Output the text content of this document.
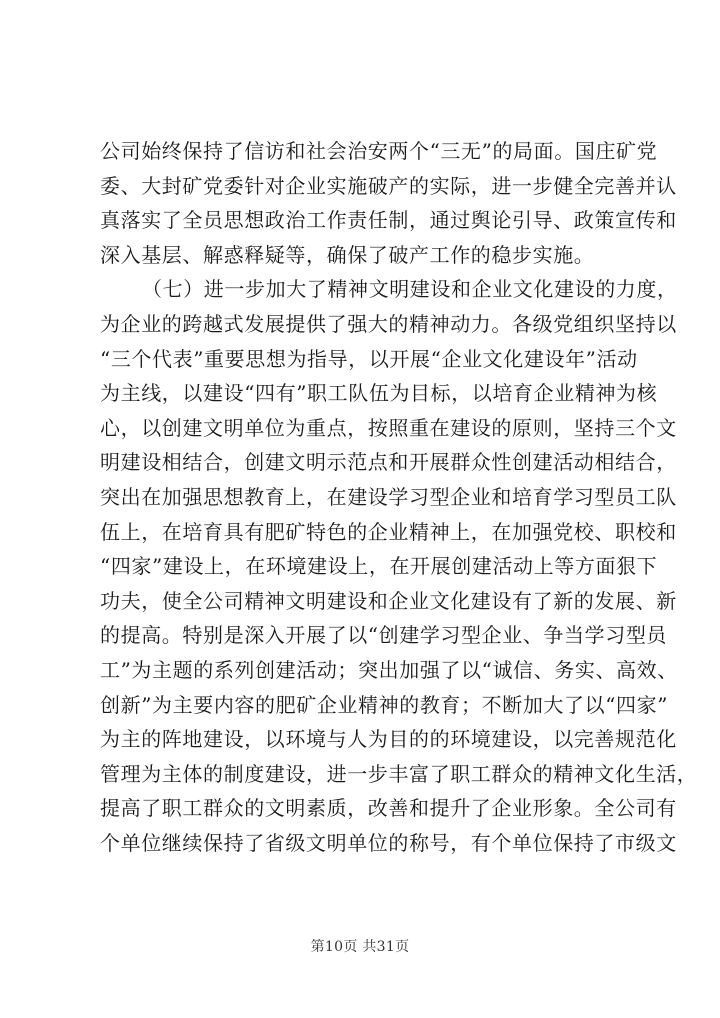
公司始终保持了信访和社会治安两个“三无”的局面。国庄矿党
委、大封矿党委针对企业实施破产的实际，进一步健全完善并认
真落实了全员思想政治工作责任制，通过舆论引导、政策宣传和
深入基层、解惑释疑等，确保了破产工作的稳步实施。
（七）进一步加大了精神文明建设和企业文化建设的力度，
为企业的跨越式发展提供了强大的精神动力。各级党组织坚持以
“三个代表”重要思想为指导，以开展“企业文化建设年”活动
为主线，以建设“四有”职工队伍为目标，以培育企业精神为核
心，以创建文明单位为重点，按照重在建设的原则，坚持三个文
明建设相结合，创建文明示范点和开展群众性创建活动相结合，
突出在加强思想教育上，在建设学习型企业和培育学习型员工队
伍上，在培育具有肥矿特色的企业精神上，在加强党校、职校和
“四家”建设上，在环境建设上，在开展创建活动上等方面狠下
功夫，使全公司精神文明建设和企业文化建设有了新的发展、新
的提高。特别是深入开展了以“创建学习型企业、争当学习型员
工”为主题的系列创建活动；突出加强了以“诚信、务实、高效、
创新”为主要内容的肥矿企业精神的教育；不断加大了以“四家”
为主的阵地建设，以环境与人为目的的环境建设，以完善规范化
管理为主体的制度建设，进一步丰富了职工群众的精神文化生活，
提高了职工群众的文明素质，改善和提升了企业形象。全公司有
个单位继续保持了省级文明单位的称号，有个单位保持了市级文
第10页 共31页
